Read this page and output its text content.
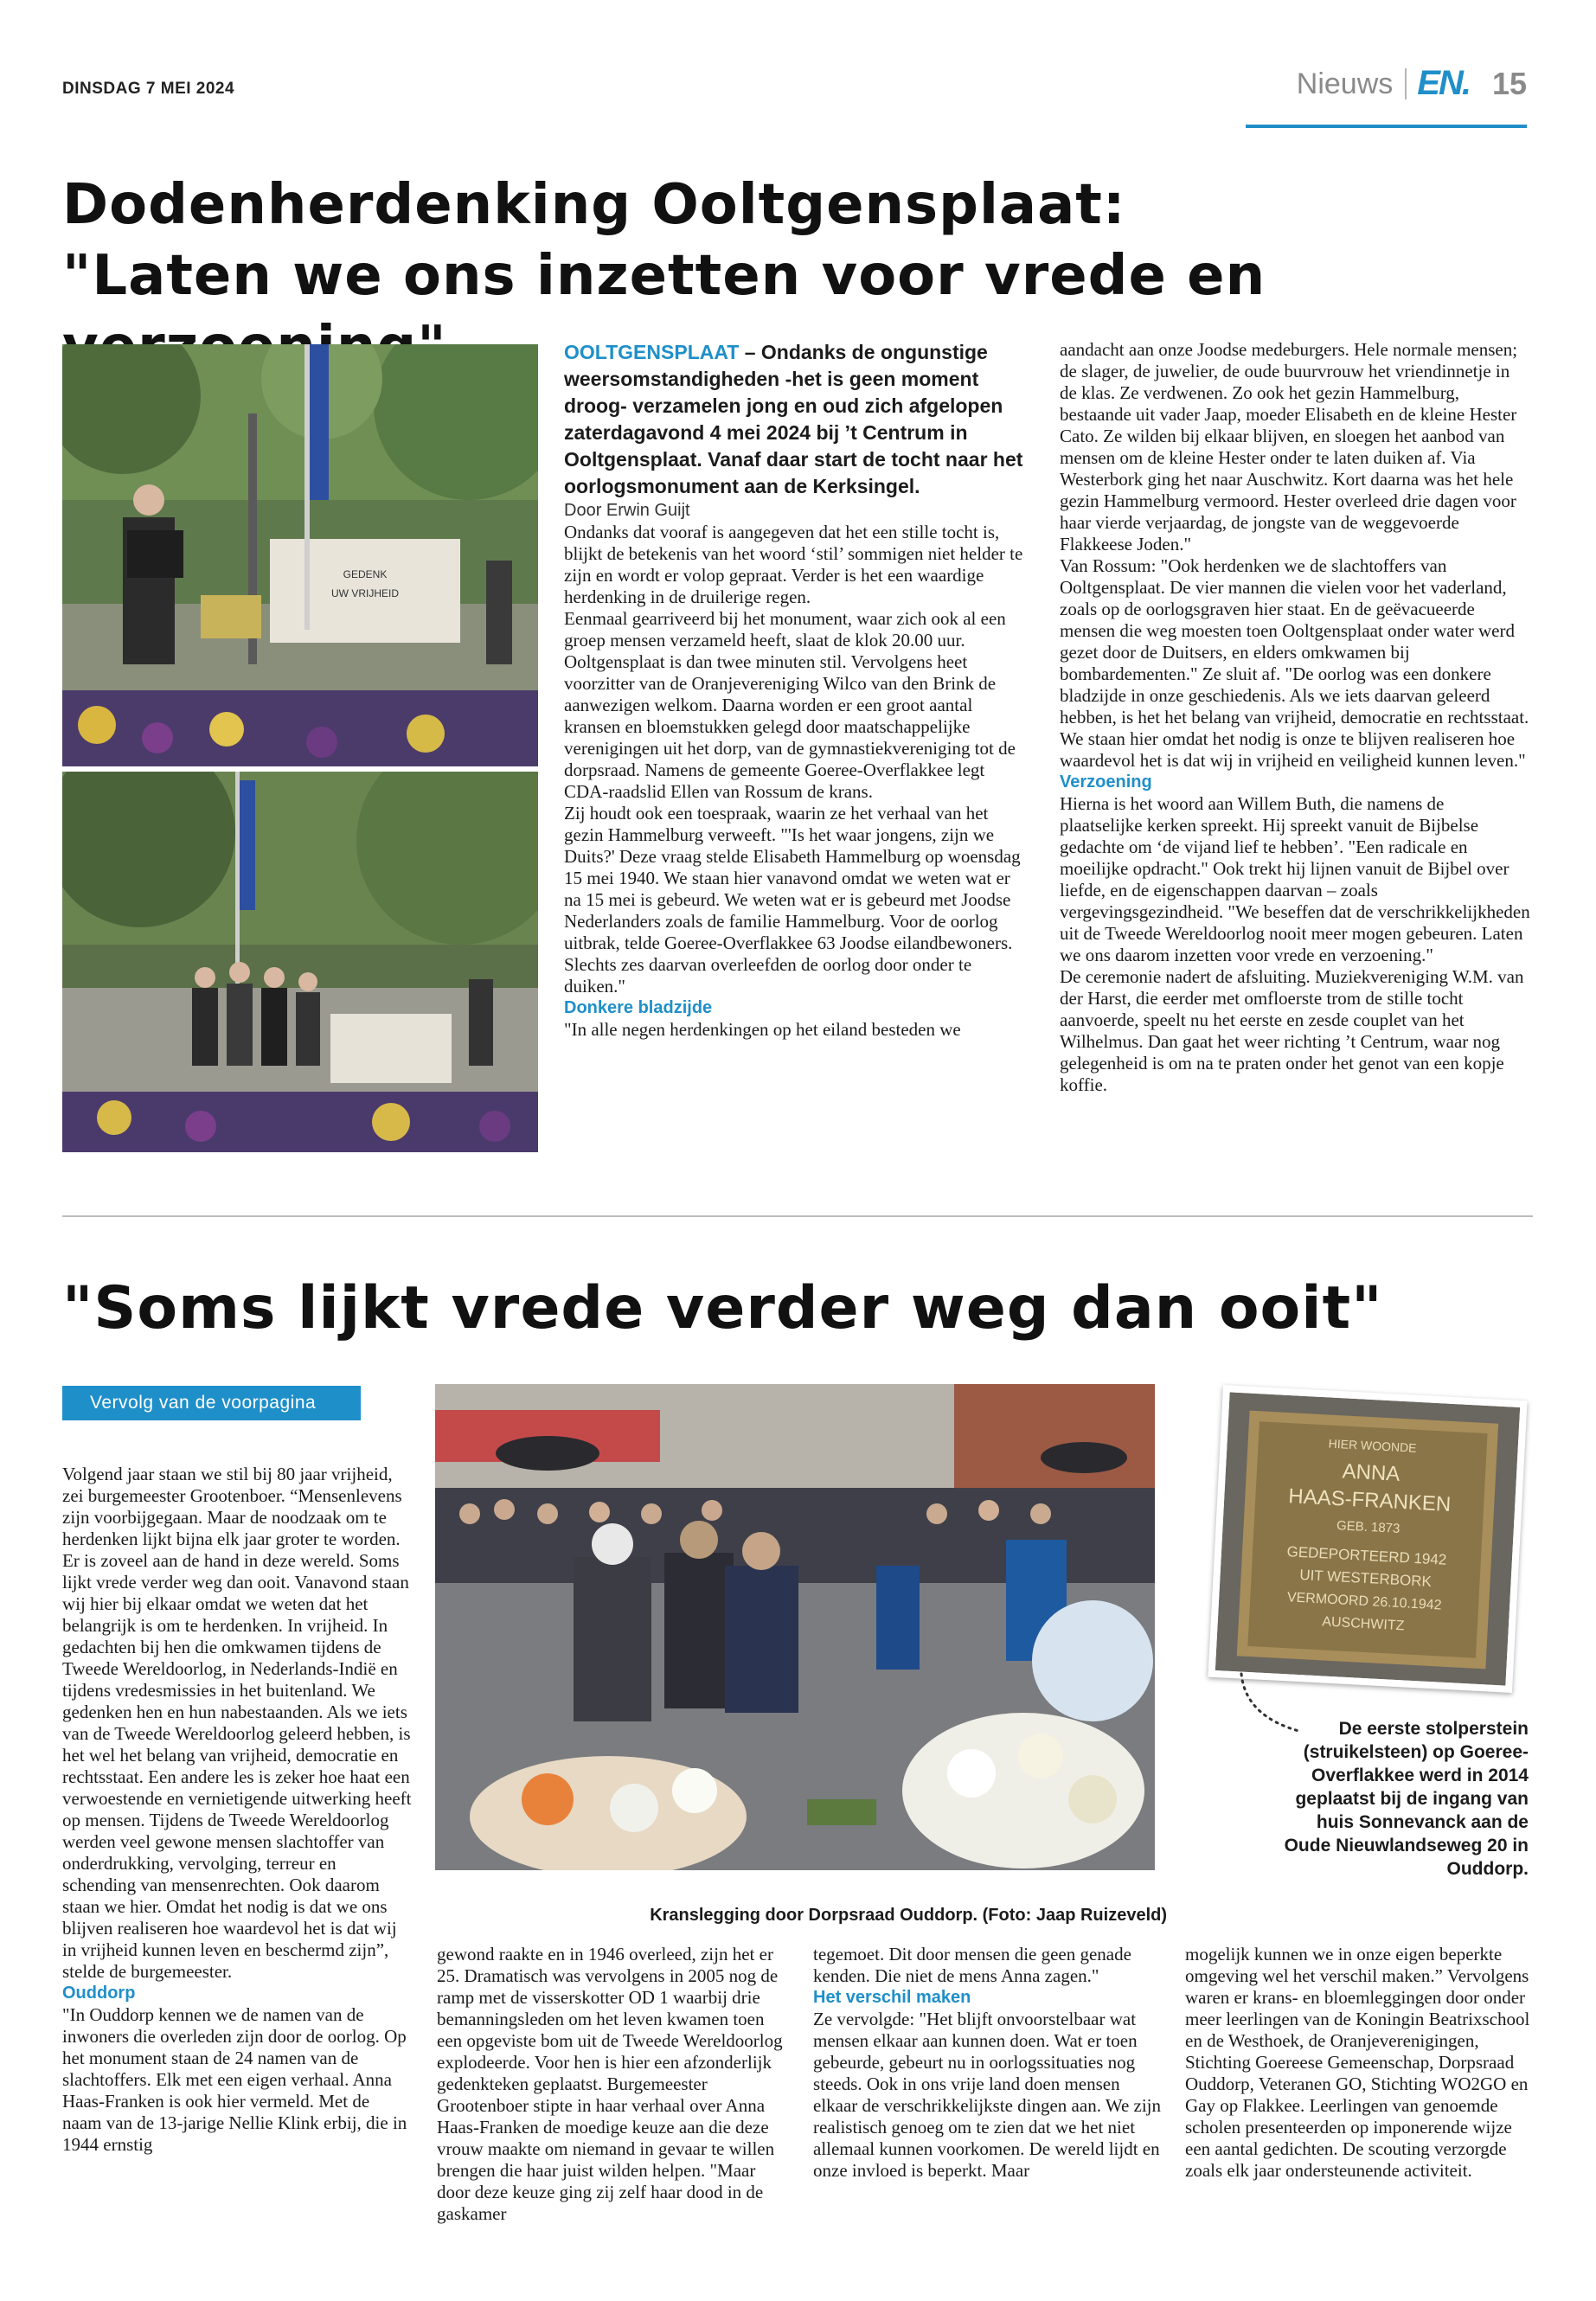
DINSDAG 7 MEI 2024	Nieuws EN. 15
Dodenherdenking Ooltgensplaat:
"Laten we ons inzetten voor vrede en
GEDENK
UW VRIJHEID

OOLTGENSPLAAT – Ondanks de ongunstige weersomstandigheden -het is geen moment droog- verzamelen jong en oud zich afgelopen zaterdagavond 4 mei 2024 bij ’t Centrum in Ooltgensplaat. Vanaf daar start de tocht naar het oorlogsmonument aan de Kerksingel.

Door Erwin Guijt

Ondanks dat vooraf is aangegeven dat het een stille tocht is, blijkt de betekenis van het woord ‘stil’ sommigen niet helder te zijn en wordt er volop gepraat. Verder is het een waardige herdenking in de druilerige regen.

Eenmaal gearriveerd bij het monument, waar zich ook al een groep mensen verzameld heeft, slaat de klok 20.00 uur. Ooltgensplaat is dan twee minuten stil. Vervolgens heet voorzitter van de Oranjevereniging Wilco van den Brink de aanwezigen welkom. Daarna worden er een groot aantal kransen en bloemstukken gelegd door maatschappelijke verenigingen uit het dorp, van de gymnastiekvereniging tot de dorpsraad. Namens de gemeente Goeree-Overflakkee legt CDA-raadslid Ellen van Rossum de krans.

Zij houdt ook een toespraak, waarin ze het verhaal van het gezin Hammelburg verweeft. "'Is het waar jongens, zijn we Duits?' Deze vraag stelde Elisabeth Hammelburg op woensdag 15 mei 1940. We staan hier vanavond omdat we weten wat er na 15 mei is gebeurd. We weten wat er is gebeurd met Joodse Nederlanders zoals de familie Hammelburg. Voor de oorlog uitbrak, telde Goeree-Overflakkee 63 Joodse eilandbewoners. Slechts zes daarvan overleefden de oorlog door onder te duiken."

Donkere bladzijde

"In alle negen herdenkingen op het eiland besteden we

aandacht aan onze Joodse medeburgers. Hele normale mensen; de slager, de juwelier, de oude buurvrouw het vriendinnetje in de klas. Ze verdwenen. Zo ook het gezin Hammelburg, bestaande uit vader Jaap, moeder Elisabeth en de kleine Hester Cato. Ze wilden bij elkaar blijven, en sloegen het aanbod van mensen om de kleine Hester onder te laten duiken af. Via Westerbork ging het naar Auschwitz. Kort daarna was het hele gezin Hammelburg vermoord. Hester overleed drie dagen voor haar vierde verjaardag, de jongste van de weggevoerde Flakkeese Joden."

Van Rossum: "Ook herdenken we de slachtoffers van Ooltgensplaat. De vier mannen die vielen voor het vaderland, zoals op de oorlogsgraven hier staat. En de geëvacueerde mensen die weg moesten toen Ooltgensplaat onder water werd gezet door de Duitsers, en elders omkwamen bij bombardementen." Ze sluit af. "De oorlog was een donkere bladzijde in onze geschiedenis. Als we iets daarvan geleerd hebben, is het het belang van vrijheid, democratie en rechtsstaat. We staan hier omdat het nodig is onze te blijven realiseren hoe waardevol het is dat wij in vrijheid en veiligheid kunnen leven."

Verzoening

Hierna is het woord aan Willem Buth, die namens de plaatselijke kerken spreekt. Hij spreekt vanuit de Bijbelse gedachte om ‘de vijand lief te hebben’. "Een radicale en moeilijke opdracht." Ook trekt hij lijnen vanuit de Bijbel over liefde, en de eigenschappen daarvan – zoals vergevingsgezindheid. "We beseffen dat de verschrikkelijkheden uit de Tweede Wereldoorlog nooit meer mogen gebeuren. Laten we ons daarom inzetten voor vrede en verzoening."

De ceremonie nadert de afsluiting. Muziekvereniging W.M. van der Harst, die eerder met omfloerste trom de stille tocht aanvoerde, speelt nu het eerste en zesde couplet van het Wilhelmus. Dan gaat het weer richting ’t Centrum, waar nog gelegenheid is om na te praten onder het genot van een kopje koffie.

"Soms lijkt vrede verder weg dan ooit"
Vervolg van de voorpagina
Kranslegging door Dorpsraad Ouddorp. (Foto: Jaap Ruizeveld)
HIER WOONDE
ANNA
HAAS-FRANKEN
GEB. 1873
GEDEPORTEERD 1942
UIT WESTERBORK
VERMOORD 26.10.1942
AUSCHWITZ
De eerste stolperstein (struikelsteen) op Goeree-Overflakkee werd in 2014 geplaatst bij de ingang van huis Sonnevanck aan de Oude Nieuwlandseweg 20 in Ouddorp.

Volgend jaar staan we stil bij 80 jaar vrijheid, zei burgemeester Grootenboer. “Mensenlevens zijn voorbijgegaan. Maar de noodzaak om te herdenken lijkt bijna elk jaar groter te worden. Er is zoveel aan de hand in deze wereld. Soms lijkt vrede verder weg dan ooit. Vanavond staan wij hier bij elkaar omdat we weten dat het belangrijk is om te herdenken. In vrijheid. In gedachten bij hen die omkwamen tijdens de Tweede Wereldoorlog, in Nederlands-Indië en tijdens vredesmissies in het buitenland. We gedenken hen en hun nabestaanden. Als we iets van de Tweede Wereldoorlog geleerd hebben, is het wel het belang van vrijheid, democratie en rechtsstaat. Een andere les is zeker hoe haat een verwoestende en vernietigende uitwerking heeft op mensen. Tijdens de Tweede Wereldoorlog werden veel gewone mensen slachtoffer van onderdrukking, vervolging, terreur en schending van mensenrechten. Ook daarom staan we hier. Omdat het nodig is dat we ons blijven realiseren hoe waardevol het is dat wij in vrijheid kunnen leven en beschermd zijn”, stelde de burgemeester.

Ouddorp

"In Ouddorp kennen we de namen van de inwoners die overleden zijn door de oorlog. Op het monument staan de 24 namen van de slachtoffers. Elk met een eigen verhaal. Anna Haas-Franken is ook hier vermeld. Met de naam van de 13-jarige Nellie Klink erbij, die in 1944 ernstig

gewond raakte en in 1946 overleed, zijn het er 25. Dramatisch was vervolgens in 2005 nog de ramp met de visserskotter OD 1 waarbij drie bemanningsleden om het leven kwamen toen een opgeviste bom uit de Tweede Wereldoorlog explodeerde. Voor hen is hier een afzonderlijk gedenkteken geplaatst. Burgemeester Grootenboer stipte in haar verhaal over Anna Haas-Franken de moedige keuze aan die deze vrouw maakte om niemand in gevaar te willen brengen die haar juist wilden helpen. "Maar door deze keuze ging zij zelf haar dood in de gaskamer

tegemoet. Dit door mensen die geen genade kenden. Die niet de mens Anna zagen."

Het verschil maken

Ze vervolgde: "Het blijft onvoorstelbaar wat mensen elkaar aan kunnen doen. Wat er toen gebeurde, gebeurt nu in oorlogssituaties nog steeds. Ook in ons vrije land doen mensen elkaar de verschrikkelijkste dingen aan. We zijn realistisch genoeg om te zien dat we het niet allemaal kunnen voorkomen. De wereld lijdt en onze invloed is beperkt. Maar

mogelijk kunnen we in onze eigen beperkte omgeving wel het verschil maken.” Vervolgens waren er krans- en bloemleggingen door onder meer leerlingen van de Koningin Beatrixschool en de Westhoek, de Oranjeverenigingen, Stichting Goereese Gemeenschap, Dorpsraad Ouddorp, Veteranen GO, Stichting WO2GO en Gay op Flakkee. Leerlingen van genoemde scholen presenteerden op imponerende wijze een aantal gedichten. De scouting verzorgde zoals elk jaar ondersteunende activiteit.
